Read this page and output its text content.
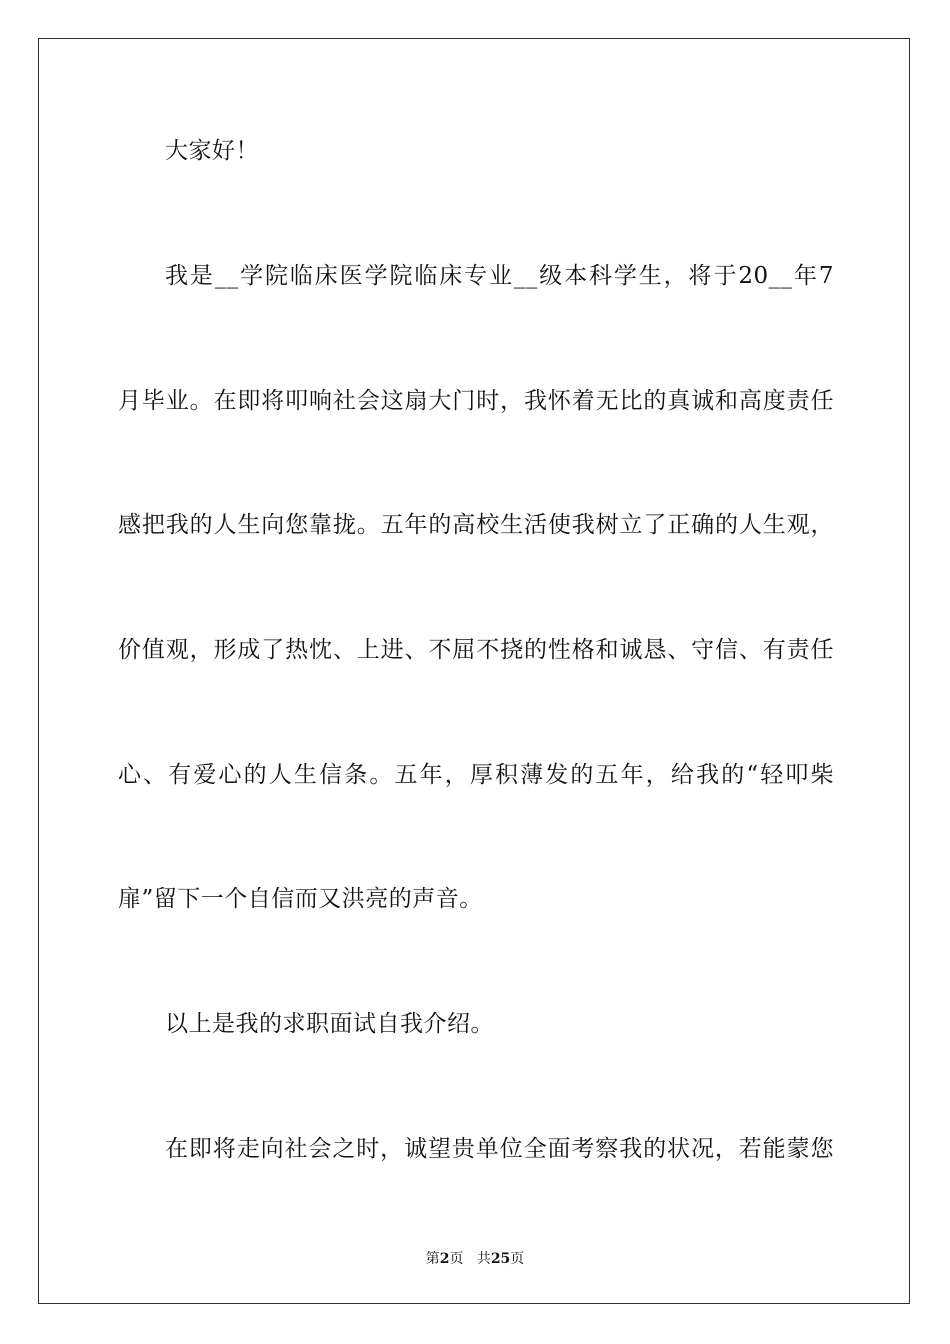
大家好！
我是__学院临床医学院临床专业__级本科学生，将于20__年7
月毕业。在即将叩响社会这扇大门时，我怀着无比的真诚和高度责任
感把我的人生向您靠拢。五年的高校生活使我树立了正确的人生观，
价值观，形成了热忱、上进、不屈不挠的性格和诚恳、守信、有责任
心、有爱心的人生信条。五年，厚积薄发的五年，给我的“轻叩柴
扉”留下一个自信而又洪亮的声音。
以上是我的求职面试自我介绍。
在即将走向社会之时，诚望贵单位全面考察我的状况，若能蒙您
第2页 共25页
